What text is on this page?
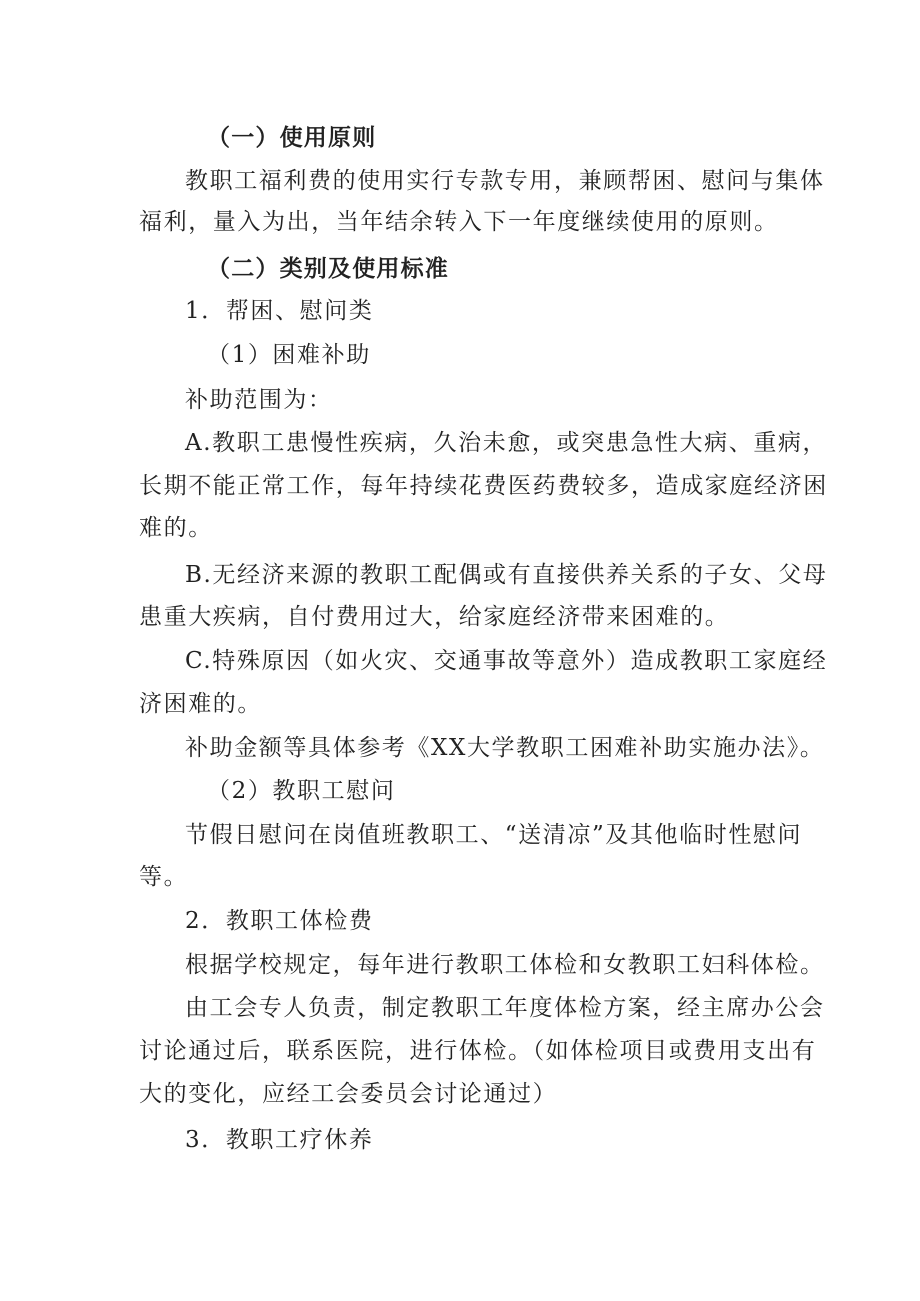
（一）使用原则
教职工福利费的使用实行专款专用，兼顾帮困、慰问与集体
福利，量入为出，当年结余转入下一年度继续使用的原则。
（二）类别及使用标准
1．帮困、慰问类
（1）困难补助
补助范围为：
A.教职工患慢性疾病，久治未愈，或突患急性大病、重病，
长期不能正常工作，每年持续花费医药费较多，造成家庭经济困
难的。
B.无经济来源的教职工配偶或有直接供养关系的子女、父母
患重大疾病，自付费用过大，给家庭经济带来困难的。
C.特殊原因（如火灾、交通事故等意外）造成教职工家庭经
济困难的。
补助金额等具体参考《XX大学教职工困难补助实施办法》。
（2）教职工慰问
节假日慰问在岗值班教职工、“送清凉”及其他临时性慰问
等。
2．教职工体检费
根据学校规定，每年进行教职工体检和女教职工妇科体检。
由工会专人负责，制定教职工年度体检方案，经主席办公会
讨论通过后，联系医院，进行体检。（如体检项目或费用支出有
大的变化，应经工会委员会讨论通过）
3．教职工疗休养
